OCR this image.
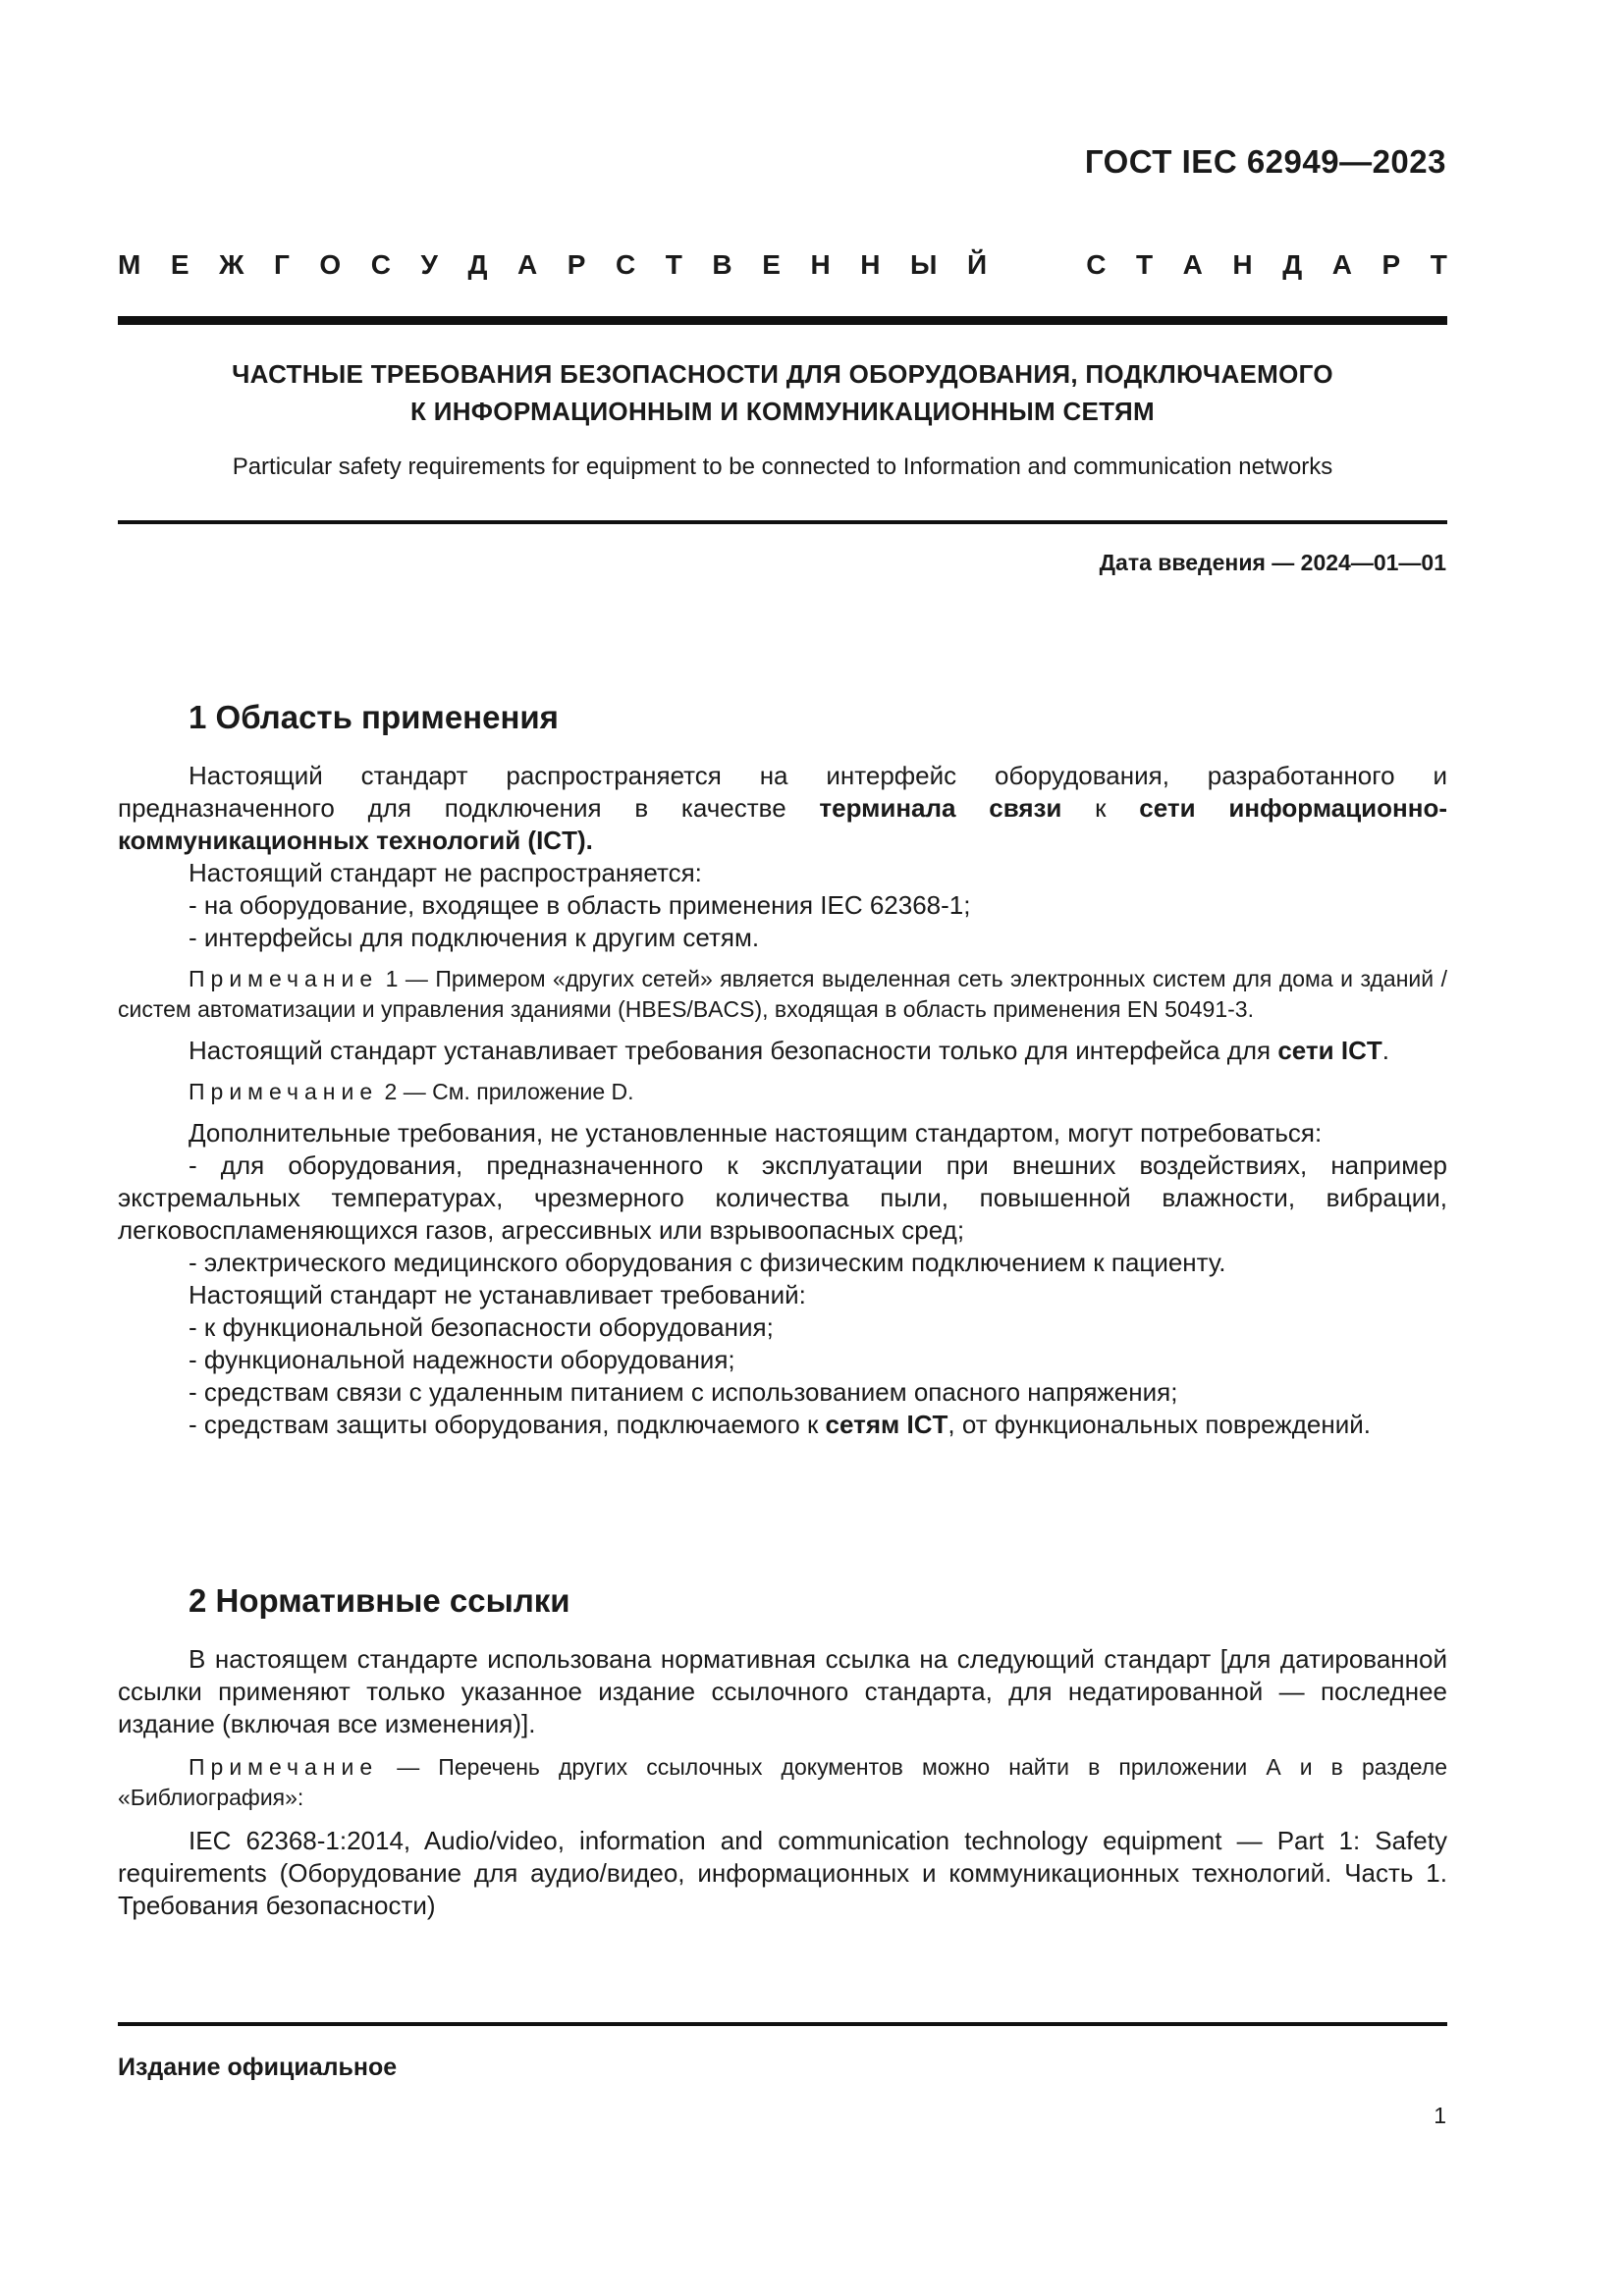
ГОСТ IEC 62949—2023
М Е Ж Г О С У Д А Р С Т В Е Н Н Ы Й	С Т А Н Д А Р Т
ЧАСТНЫЕ ТРЕБОВАНИЯ БЕЗОПАСНОСТИ ДЛЯ ОБОРУДОВАНИЯ, ПОДКЛЮЧАЕМОГО
К ИНФОРМАЦИОННЫМ И КОММУНИКАЦИОННЫМ СЕТЯМ
Particular safety requirements for equipment to be connected to Information and communication networks
Дата введения — 2024—01—01
1 Область применения

Настоящий стандарт распространяется на интерфейс оборудования, разработанного и предназначенного для подключения в качестве терминала связи к сети информационно-коммуникационных технологий (ICT).

Настоящий стандарт не распространяется:

- на оборудование, входящее в область применения IEC 62368-1;

- интерфейсы для подключения к другим сетям.

Примечание 1 — Примером «других сетей» является выделенная сеть электронных систем для дома и зданий /систем автоматизации и управления зданиями (HBES/BACS), входящая в область применения EN 50491-3.

Настоящий стандарт устанавливает требования безопасности только для интерфейса для сети ICT.

Примечание 2 — См. приложение D.

Дополнительные требования, не установленные настоящим стандартом, могут потребоваться:

- для оборудования, предназначенного к эксплуатации при внешних воздействиях, например экстремальных температурах, чрезмерного количества пыли, повышенной влажности, вибрации, легковоспламеняющихся газов, агрессивных или взрывоопасных сред;

- электрического медицинского оборудования с физическим подключением к пациенту.

Настоящий стандарт не устанавливает требований:

- к функциональной безопасности оборудования;

- функциональной надежности оборудования;

- средствам связи с удаленным питанием с использованием опасного напряжения;

- средствам защиты оборудования, подключаемого к сетям ICT, от функциональных повреждений.

2 Нормативные ссылки

В настоящем стандарте использована нормативная ссылка на следующий стандарт [для датированной ссылки применяют только указанное издание ссылочного стандарта, для недатированной — последнее издание (включая все изменения)].

Примечание — Перечень других ссылочных документов можно найти в приложении А и в разделе «Библиография»:

IEC 62368-1:2014, Audio/video, information and communication technology equipment — Part 1: Safety requirements (Оборудование для аудио/видео, информационных и коммуникационных технологий. Часть 1. Требования безопасности)

Издание официальное
1
